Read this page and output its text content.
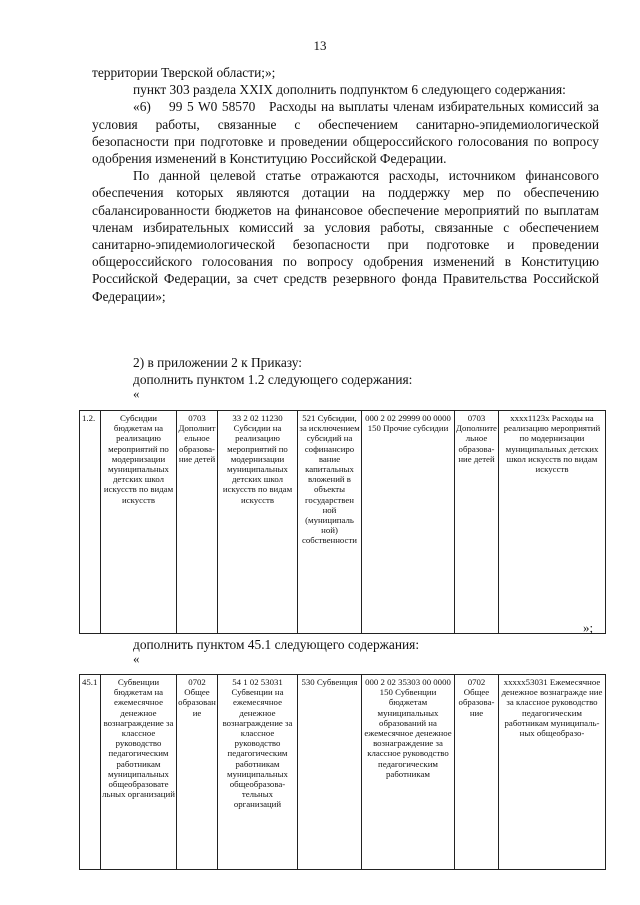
13

территории Тверской области;»;

пункт 303 раздела XXIX дополнить подпунктом 6 следующего содержания:

«6)    99 5 W0 58570   Расходы на выплаты членам избирательных комиссий за условия работы, связанные с обеспечением санитарно-эпидемиологической безопасности при подготовке и проведении общероссийского голосования по вопросу одобрения изменений в Конституцию Российской Федерации.

По данной целевой статье отражаются расходы, источником финансового обеспечения которых являются дотации на поддержку мер по обеспечению сбалансированности бюджетов на финансовое обеспечение мероприятий по выплатам членам избирательных комиссий за условия работы, связанные с обеспечением санитарно-эпидемиологической безопасности при подготовке и проведении общероссийского голосования по вопросу одобрения изменений в Конституцию Российской Федерации, за счет средств резервного фонда Правительства Российской Федерации»;

2) в приложении 2 к Приказу:

дополнить пунктом 1.2 следующего содержания:

«

1.2.	Субсидии бюджетам на реализацию мероприятий по модернизации муниципальных детских школ искусств по видам искусств	0703 Дополнит ельное образование детей	33 2 02 11230 Субсидии на реализацию мероприятий по модернизации муниципальных детских школ искусств по видам искусств	521 Субсидии, за исключением субсидий на софинансиро вание капитальных вложений в объекты государствен ной (муниципаль ной) собственности	000 2 02 29999 00 0000 150 Прочие субсидии	0703 Дополните льное образование детей	хххх1123х Расходы на реализацию мероприятий по модернизации муниципальных детских школ искусств по видам искусств
»;

дополнить пунктом 45.1 следующего содержания:

«

45.1	Субвенции бюджетам на ежемесячное денежное вознаграждение за классное руководство педагогическим работникам муниципальных общеобразовате льных организаций	0702 Общее образован ие	54 1 02 53031 Субвенции на ежемесячное денежное вознаграждение за классное руководство педагогическим работникам муниципальных общеобразовательных организаций	530 Субвенция	000 2 02 35303 00 0000 150 Субвенции бюджетам муниципальных образований на ежемесячное денежное вознаграждение за классное руководство педагогическим работникам	0702 Общее образование	ххххх53031 Ежемесячное денежное вознагражде ние за классное руководство педагогическим работникам муниципальных общеобразо-
